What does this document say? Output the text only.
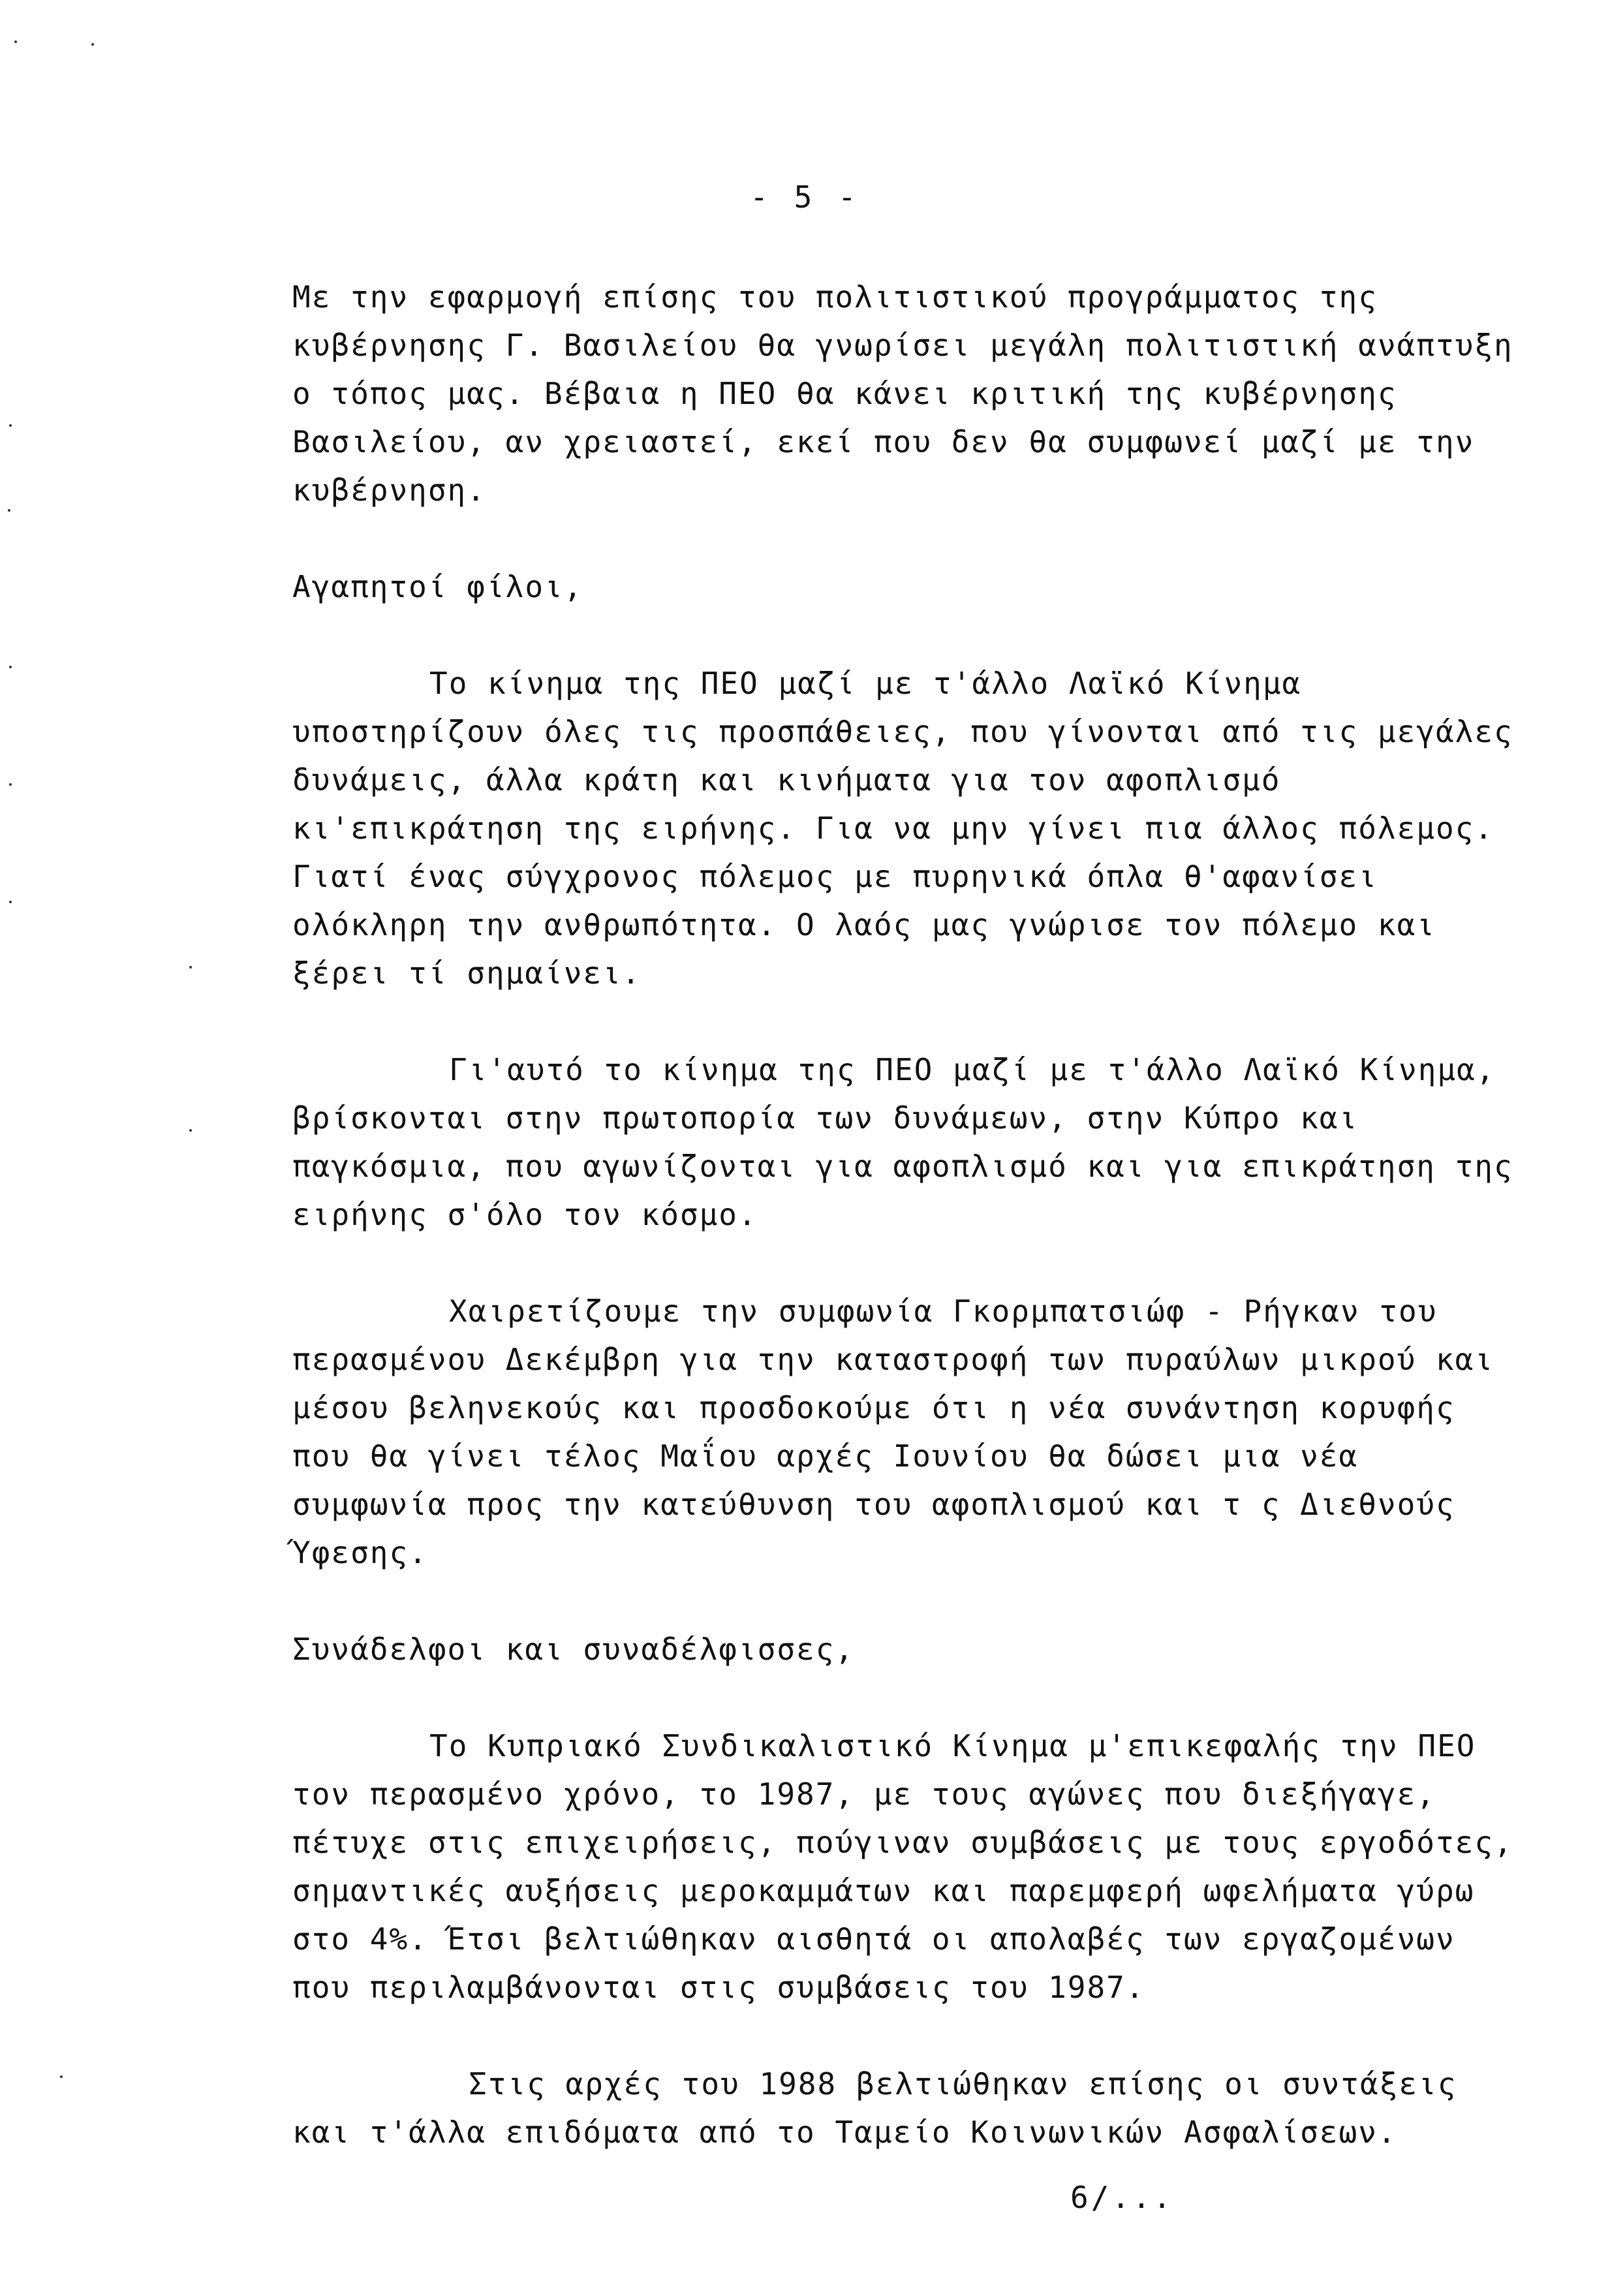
- 5 -

Με την εφαρμογή επίσης του πολιτιστικού προγράμματος της κυβέρνησης Γ. Βασιλείου θα γνωρίσει μεγάλη πολιτιστική ανάπτυξη ο τόπος μας. Βέβαια η ΠΕΟ θα κάνει κριτική της κυβέρνησης Βασιλείου, αν χρειαστεί, εκεί που δεν θα συμφωνεί μαζί με την κυβέρνηση.

Αγαπητοί φίλοι,

Το κίνημα της ΠΕΟ μαζί με τ'άλλο Λαϊκό Κίνημα υποστηρίζουν όλες τις προσπάθειες, που γίνονται από τις μεγάλες δυνάμεις, άλλα κράτη και κινήματα για τον αφοπλισμό κι'επικράτηση της ειρήνης. Για να μην γίνει πια άλλος πόλεμος. Γιατί ένας σύγχρονος πόλεμος με πυρηνικά όπλα θ'αφανίσει ολόκληρη την ανθρωπότητα. Ο λαός μας γνώρισε τον πόλεμο και ξέρει τί σημαίνει.

Γι'αυτό το κίνημα της ΠΕΟ μαζί με τ'άλλο Λαϊκό Κίνημα, βρίσκονται στην πρωτοπορία των δυνάμεων, στην Κύπρο και παγκόσμια, που αγωνίζονται για αφοπλισμό και για επικράτηση της ειρήνης σ'όλο τον κόσμο.

Χαιρετίζουμε την συμφωνία Γκορμπατσιώφ - Ρήγκαν του περασμένου Δεκέμβρη για την καταστροφή των πυραύλων μικρού και μέσου βεληνεκούς και προσδοκούμε ότι η νέα συνάντηση κορυφής που θα γίνει τέλος Μαΐου αρχές Ιουνίου θα δώσει μια νέα συμφωνία προς την κατεύθυνση του αφοπλισμού και τ ς Διεθνούς Ύφεσης.

Συνάδελφοι και συναδέλφισσες,

Το Κυπριακό Συνδικαλιστικό Κίνημα μ'επικεφαλής την ΠΕΟ τον περασμένο χρόνο, το 1987, με τους αγώνες που διεξήγαγε, πέτυχε στις επιχειρήσεις, πούγιναν συμβάσεις με τους εργοδότες, σημαντικές αυξήσεις μεροκαμμάτων και παρεμφερή ωφελήματα γύρω στο 4%. Έτσι βελτιώθηκαν αισθητά οι απολαβές των εργαζομένων που περιλαμβάνονται στις συμβάσεις του 1987.

Στις αρχές του 1988 βελτιώθηκαν επίσης οι συντάξεις και τ'άλλα επιδόματα από το Ταμείο Κοινωνικών Ασφαλίσεων.

6/...
